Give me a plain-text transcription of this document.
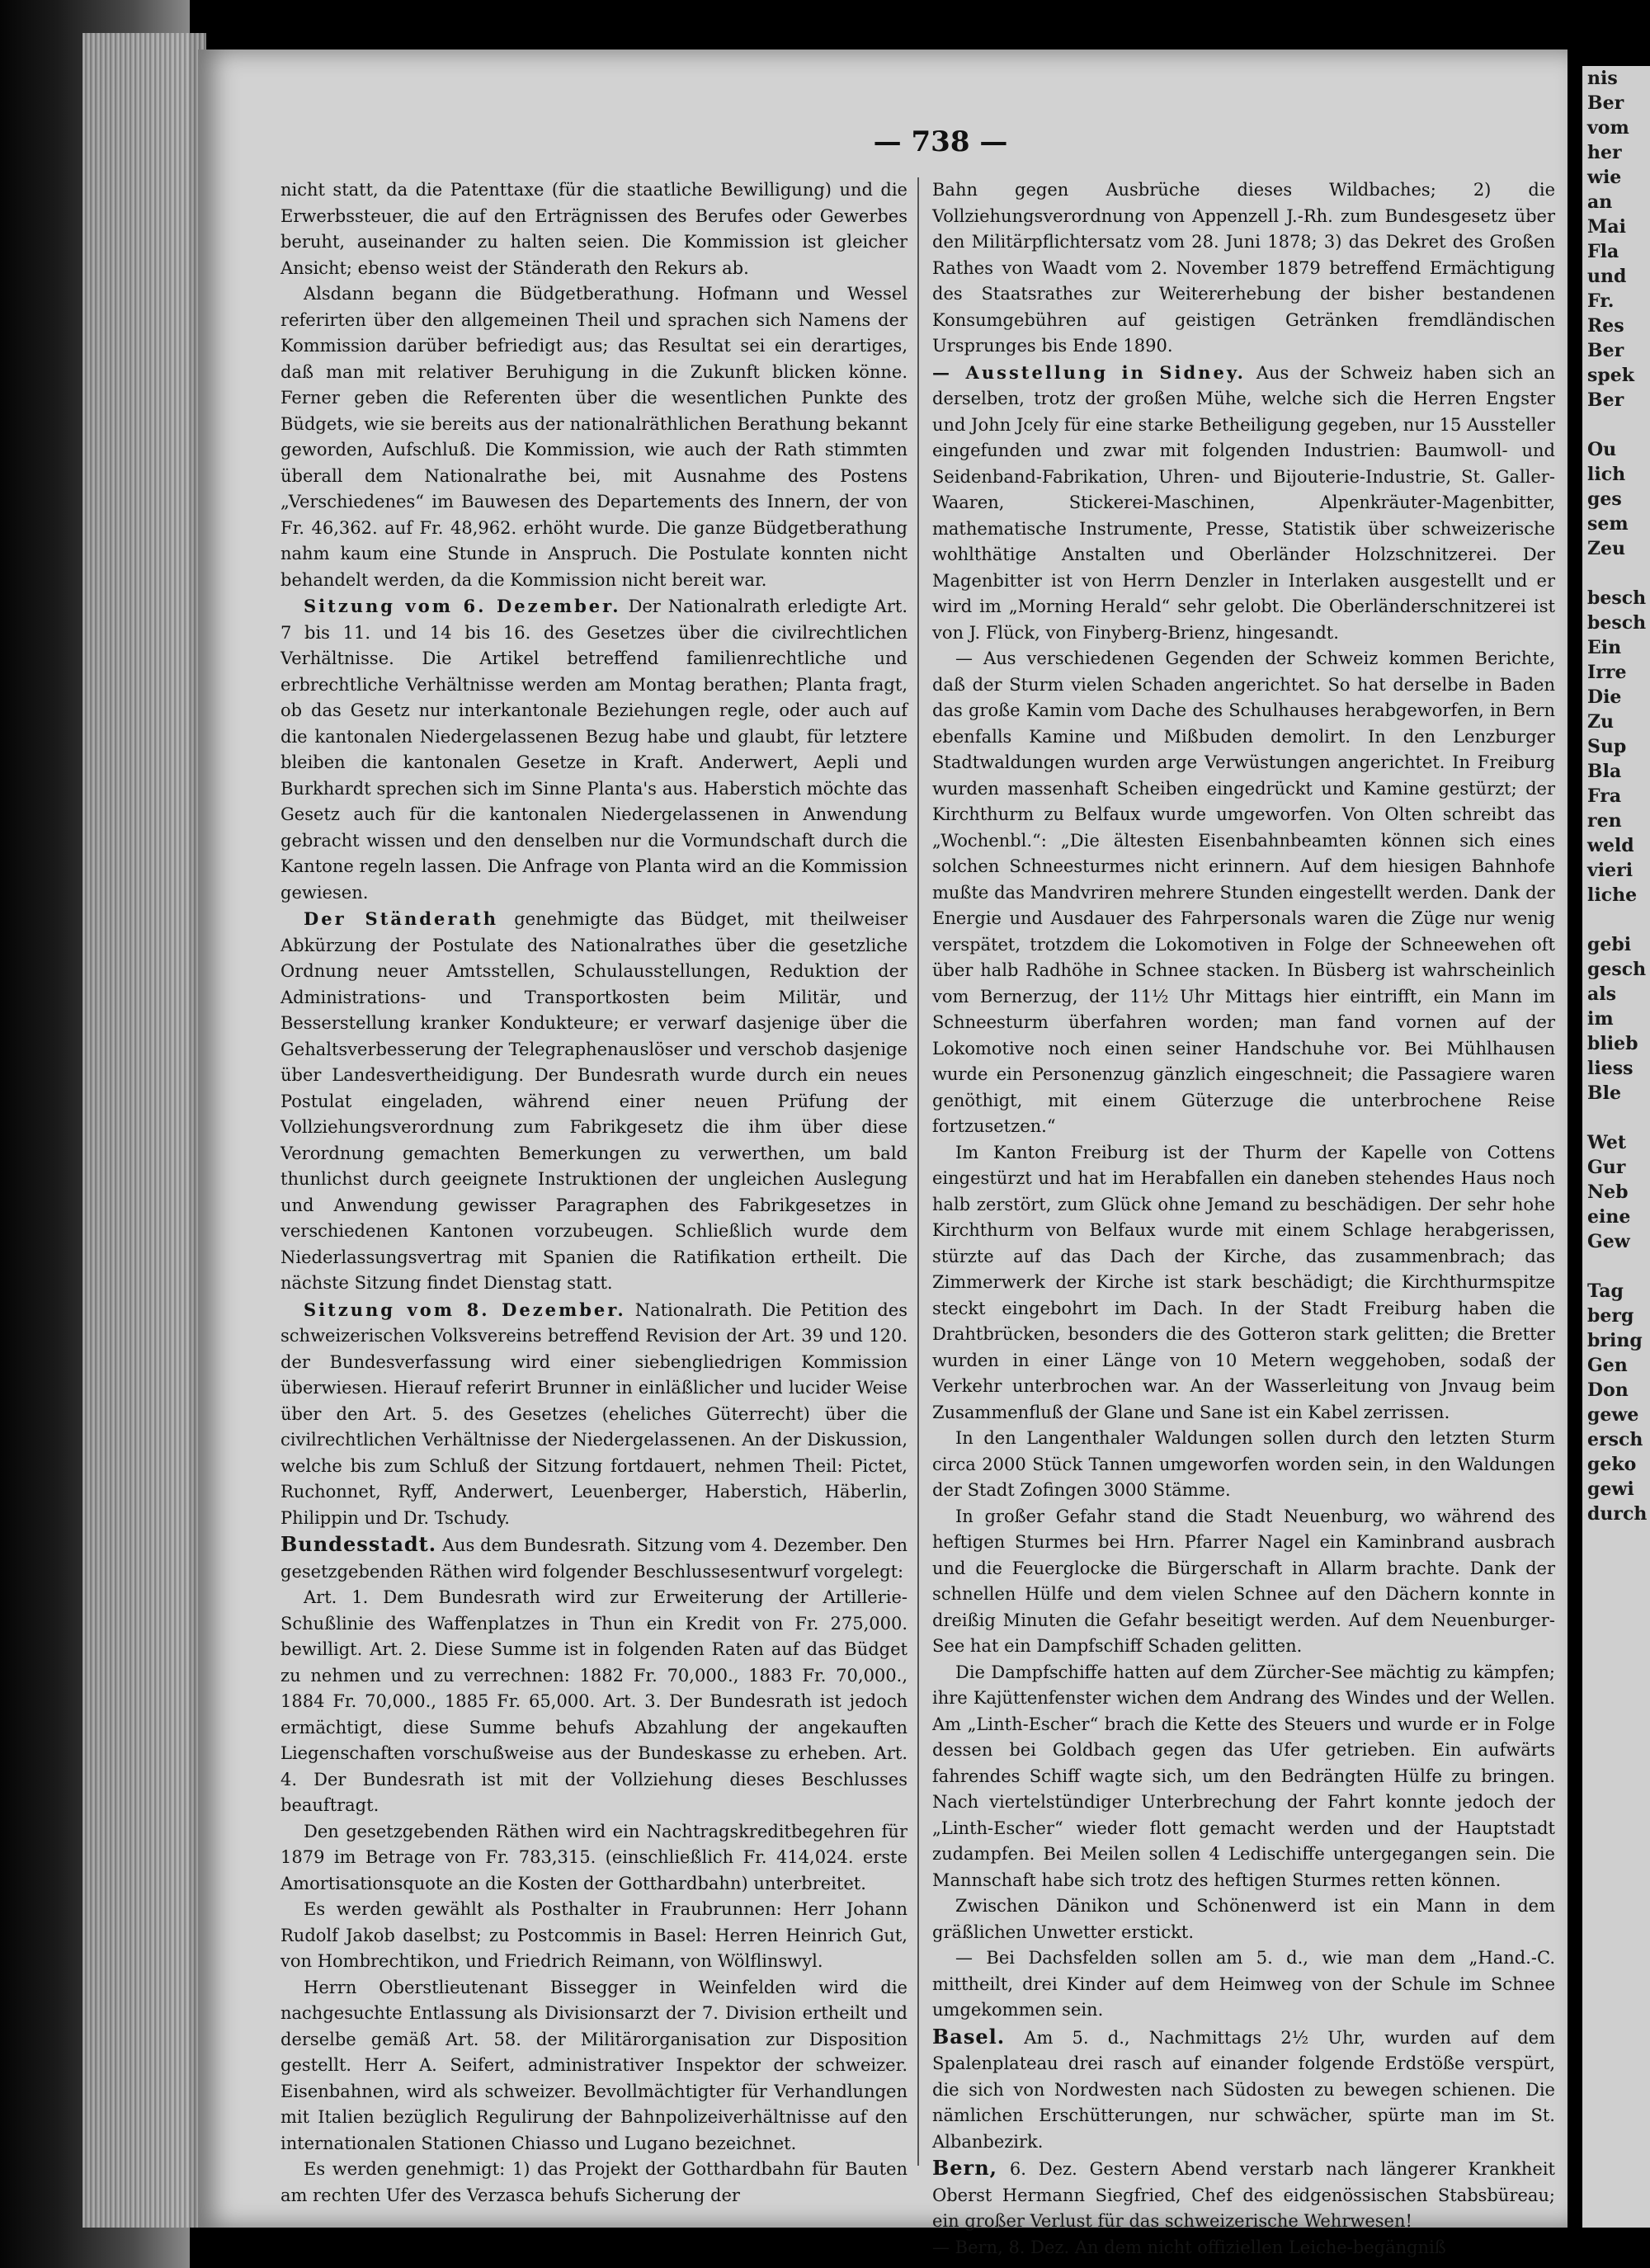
— 738 —

nicht statt, da die Patenttaxe (für die staatliche Bewilligung) und die Erwerbssteuer, die auf den Erträgnissen des Berufes oder Gewerbes beruht, auseinander zu halten seien. Die Kommission ist gleicher Ansicht; ebenso weist der Ständerath den Rekurs ab.

Alsdann begann die Büdgetberathung. Hofmann und Wessel referirten über den allgemeinen Theil und sprachen sich Namens der Kommission darüber befriedigt aus; das Resultat sei ein derartiges, daß man mit relativer Beruhigung in die Zukunft blicken könne. Ferner geben die Referenten über die wesentlichen Punkte des Büdgets, wie sie bereits aus der nationalräthlichen Berathung bekannt geworden, Aufschluß. Die Kommission, wie auch der Rath stimmten überall dem Nationalrathe bei, mit Ausnahme des Postens „Verschiedenes“ im Bauwesen des Departements des Innern, der von Fr. 46,362. auf Fr. 48,962. erhöht wurde. Die ganze Büdgetberathung nahm kaum eine Stunde in Anspruch. Die Postulate konnten nicht behandelt werden, da die Kommission nicht bereit war.

Sitzung vom 6. Dezember. Der Nationalrath erledigte Art. 7 bis 11. und 14 bis 16. des Gesetzes über die civilrechtlichen Verhältnisse. Die Artikel betreffend familienrechtliche und erbrechtliche Verhältnisse werden am Montag berathen; Planta fragt, ob das Gesetz nur interkantonale Beziehungen regle, oder auch auf die kantonalen Niedergelassenen Bezug habe und glaubt, für letztere bleiben die kantonalen Gesetze in Kraft. Anderwert, Aepli und Burkhardt sprechen sich im Sinne Planta's aus. Haberstich möchte das Gesetz auch für die kantonalen Niedergelassenen in Anwendung gebracht wissen und den denselben nur die Vormundschaft durch die Kantone regeln lassen. Die Anfrage von Planta wird an die Kommission gewiesen.

Der Ständerath genehmigte das Büdget, mit theilweiser Abkürzung der Postulate des Nationalrathes über die gesetzliche Ordnung neuer Amtsstellen, Schulausstellungen, Reduktion der Administrations- und Transportkosten beim Militär, und Besserstellung kranker Kondukteure; er verwarf dasjenige über die Gehaltsverbesserung der Telegraphenauslöser und verschob dasjenige über Landesvertheidigung. Der Bundesrath wurde durch ein neues Postulat eingeladen, während einer neuen Prüfung der Vollziehungsverordnung zum Fabrikgesetz die ihm über diese Verordnung gemachten Bemerkungen zu verwerthen, um bald thunlichst durch geeignete Instruktionen der ungleichen Auslegung und Anwendung gewisser Paragraphen des Fabrikgesetzes in verschiedenen Kantonen vorzubeugen. Schließlich wurde dem Niederlassungsvertrag mit Spanien die Ratifikation ertheilt. Die nächste Sitzung findet Dienstag statt.

Sitzung vom 8. Dezember. Nationalrath. Die Petition des schweizerischen Volksvereins betreffend Revision der Art. 39 und 120. der Bundesverfassung wird einer siebengliedrigen Kommission überwiesen. Hierauf referirt Brunner in einläßlicher und lucider Weise über den Art. 5. des Gesetzes (eheliches Güterrecht) über die civilrechtlichen Verhältnisse der Niedergelassenen. An der Diskussion, welche bis zum Schluß der Sitzung fortdauert, nehmen Theil: Pictet, Ruchonnet, Ryff, Anderwert, Leuenberger, Haberstich, Häberlin, Philippin und Dr. Tschudy.

Bundesstadt. Aus dem Bundesrath. Sitzung vom 4. Dezember. Den gesetzgebenden Räthen wird folgender Beschlussesentwurf vorgelegt:

Art. 1. Dem Bundesrath wird zur Erweiterung der Artillerie-Schußlinie des Waffenplatzes in Thun ein Kredit von Fr. 275,000. bewilligt. Art. 2. Diese Summe ist in folgenden Raten auf das Büdget zu nehmen und zu verrechnen: 1882 Fr. 70,000., 1883 Fr. 70,000., 1884 Fr. 70,000., 1885 Fr. 65,000. Art. 3. Der Bundesrath ist jedoch ermächtigt, diese Summe behufs Abzahlung der angekauften Liegenschaften vorschußweise aus der Bundeskasse zu erheben. Art. 4. Der Bundesrath ist mit der Vollziehung dieses Beschlusses beauftragt.

Den gesetzgebenden Räthen wird ein Nachtragskreditbegehren für 1879 im Betrage von Fr. 783,315. (einschließlich Fr. 414,024. erste Amortisationsquote an die Kosten der Gotthardbahn) unterbreitet.

Es werden gewählt als Posthalter in Fraubrunnen: Herr Johann Rudolf Jakob daselbst; zu Postcommis in Basel: Herren Heinrich Gut, von Hombrechtikon, und Friedrich Reimann, von Wölflinswyl.

Herrn Oberstlieutenant Bissegger in Weinfelden wird die nachgesuchte Entlassung als Divisionsarzt der 7. Division ertheilt und derselbe gemäß Art. 58. der Militärorganisation zur Disposition gestellt. Herr A. Seifert, administrativer Inspektor der schweizer. Eisenbahnen, wird als schweizer. Bevollmächtigter für Verhandlungen mit Italien bezüglich Regulirung der Bahnpolizeiverhältnisse auf den internationalen Stationen Chiasso und Lugano bezeichnet.

Es werden genehmigt: 1) das Projekt der Gotthardbahn für Bauten am rechten Ufer des Verzasca behufs Sicherung der

Bahn gegen Ausbrüche dieses Wildbaches; 2) die Vollziehungsverordnung von Appenzell J.-Rh. zum Bundesgesetz über den Militärpflichtersatz vom 28. Juni 1878; 3) das Dekret des Großen Rathes von Waadt vom 2. November 1879 betreffend Ermächtigung des Staatsrathes zur Weitererhebung der bisher bestandenen Konsumgebühren auf geistigen Getränken fremdländischen Ursprunges bis Ende 1890.

— Ausstellung in Sidney. Aus der Schweiz haben sich an derselben, trotz der großen Mühe, welche sich die Herren Engster und John Jcely für eine starke Betheiligung gegeben, nur 15 Aussteller eingefunden und zwar mit folgenden Industrien: Baumwoll- und Seidenband-Fabrikation, Uhren- und Bijouterie-Industrie, St. Galler-Waaren, Stickerei-Maschinen, Alpenkräuter-Magenbitter, mathematische Instrumente, Presse, Statistik über schweizerische wohlthätige Anstalten und Oberländer Holzschnitzerei. Der Magenbitter ist von Herrn Denzler in Interlaken ausgestellt und er wird im „Morning Herald“ sehr gelobt. Die Oberländerschnitzerei ist von J. Flück, von Finyberg-Brienz, hingesandt.

— Aus verschiedenen Gegenden der Schweiz kommen Berichte, daß der Sturm vielen Schaden angerichtet. So hat derselbe in Baden das große Kamin vom Dache des Schulhauses herabgeworfen, in Bern ebenfalls Kamine und Mißbuden demolirt. In den Lenzburger Stadtwaldungen wurden arge Verwüstungen angerichtet. In Freiburg wurden massenhaft Scheiben eingedrückt und Kamine gestürzt; der Kirchthurm zu Belfaux wurde umgeworfen. Von Olten schreibt das „Wochenbl.“: „Die ältesten Eisenbahnbeamten können sich eines solchen Schneesturmes nicht erinnern. Auf dem hiesigen Bahnhofe mußte das Mandvriren mehrere Stunden eingestellt werden. Dank der Energie und Ausdauer des Fahrpersonals waren die Züge nur wenig verspätet, trotzdem die Lokomotiven in Folge der Schneewehen oft über halb Radhöhe in Schnee stacken. In Büsberg ist wahrscheinlich vom Bernerzug, der 11½ Uhr Mittags hier eintrifft, ein Mann im Schneesturm überfahren worden; man fand vornen auf der Lokomotive noch einen seiner Handschuhe vor. Bei Mühlhausen wurde ein Personenzug gänzlich eingeschneit; die Passagiere waren genöthigt, mit einem Güterzuge die unterbrochene Reise fortzusetzen.“

Im Kanton Freiburg ist der Thurm der Kapelle von Cottens eingestürzt und hat im Herabfallen ein daneben stehendes Haus noch halb zerstört, zum Glück ohne Jemand zu beschädigen. Der sehr hohe Kirchthurm von Belfaux wurde mit einem Schlage herabgerissen, stürzte auf das Dach der Kirche, das zusammenbrach; das Zimmerwerk der Kirche ist stark beschädigt; die Kirchthurmspitze steckt eingebohrt im Dach. In der Stadt Freiburg haben die Drahtbrücken, besonders die des Gotteron stark gelitten; die Bretter wurden in einer Länge von 10 Metern weggehoben, sodaß der Verkehr unterbrochen war. An der Wasserleitung von Jnvaug beim Zusammenfluß der Glane und Sane ist ein Kabel zerrissen.

In den Langenthaler Waldungen sollen durch den letzten Sturm circa 2000 Stück Tannen umgeworfen worden sein, in den Waldungen der Stadt Zofingen 3000 Stämme.

In großer Gefahr stand die Stadt Neuenburg, wo während des heftigen Sturmes bei Hrn. Pfarrer Nagel ein Kaminbrand ausbrach und die Feuerglocke die Bürgerschaft in Allarm brachte. Dank der schnellen Hülfe und dem vielen Schnee auf den Dächern konnte in dreißig Minuten die Gefahr beseitigt werden. Auf dem Neuenburger-See hat ein Dampfschiff Schaden gelitten.

Die Dampfschiffe hatten auf dem Zürcher-See mächtig zu kämpfen; ihre Kajüttenfenster wichen dem Andrang des Windes und der Wellen. Am „Linth-Escher“ brach die Kette des Steuers und wurde er in Folge dessen bei Goldbach gegen das Ufer getrieben. Ein aufwärts fahrendes Schiff wagte sich, um den Bedrängten Hülfe zu bringen. Nach viertelstündiger Unterbrechung der Fahrt konnte jedoch der „Linth-Escher“ wieder flott gemacht werden und der Hauptstadt zudampfen. Bei Meilen sollen 4 Ledischiffe untergegangen sein. Die Mannschaft habe sich trotz des heftigen Sturmes retten können.

Zwischen Dänikon und Schönenwerd ist ein Mann in dem gräßlichen Unwetter erstickt.

— Bei Dachsfelden sollen am 5. d., wie man dem „Hand.-C. mittheilt, drei Kinder auf dem Heimweg von der Schule im Schnee umgekommen sein.

Basel. Am 5. d., Nachmittags 2½ Uhr, wurden auf dem Spalenplateau drei rasch auf einander folgende Erdstöße verspürt, die sich von Nordwesten nach Südosten zu bewegen schienen. Die nämlichen Erschütterungen, nur schwächer, spürte man im St. Albanbezirk.

Bern, 6. Dez. Gestern Abend verstarb nach längerer Krankheit Oberst Hermann Siegfried, Chef des eidgenössischen Stabsbüreau; ein großer Verlust für das schweizerische Wehrwesen!

— Bern, 8. Dez. An dem nicht offiziellen Leiche-begängniß

nis
Ber
vom
her
wie
an
Mai
Fla
und
Fr.
Res
Ber
spek
Ber
Ou
lich
ges
sem
Zeu
besch
besch
Ein
Irre
Die
Zu
Sup
Bla
Fra
ren
weld
vieri
liche
gebi
gesch
als
im
blieb
liess
Ble
Wet
Gur
Neb
eine
Gew
Tag
berg
bring
Gen
Don
gewe
ersch
geko
gewi
durch
